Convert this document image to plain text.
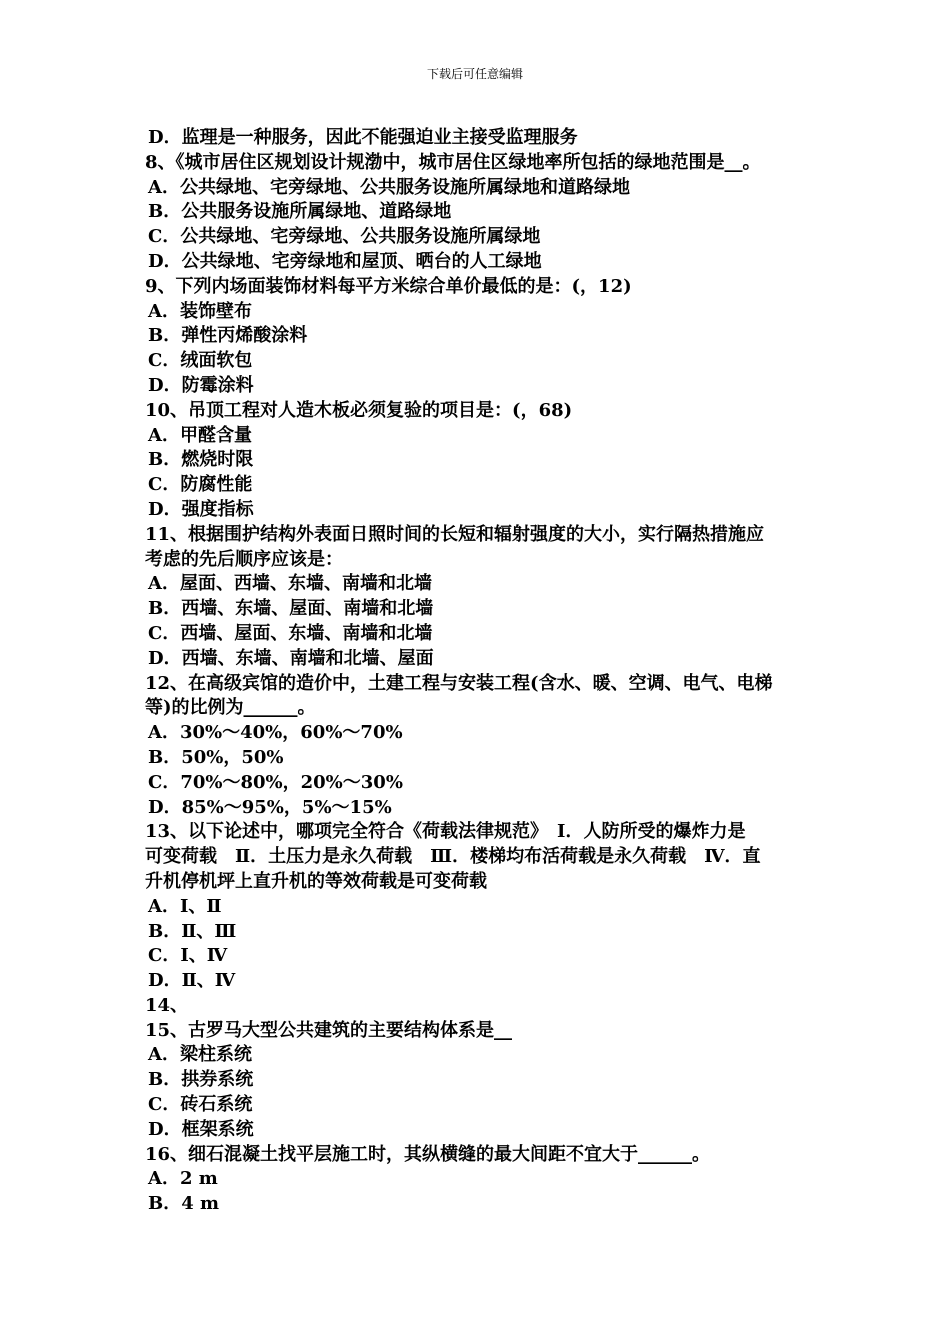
下载后可任意编辑
D．监理是一种服务，因此不能强迫业主接受监理服务
8、《城市居住区规划设计规渤中，城市居住区绿地率所包括的绿地范围是__。
A．公共绿地、宅旁绿地、公共服务设施所属绿地和道路绿地
B．公共服务设施所属绿地、道路绿地
C．公共绿地、宅旁绿地、公共服务设施所属绿地
D．公共绿地、宅旁绿地和屋顶、晒台的人工绿地
9、下列内场面装饰材料每平方米综合单价最低的是：(，12)
A．装饰壁布
B．弹性丙烯酸涂料
C．绒面软包
D．防霉涂料
10、吊顶工程对人造木板必须复验的项目是：(，68)
A．甲醛含量
B．燃烧时限
C．防腐性能
D．强度指标
11、根据围护结构外表面日照时间的长短和辐射强度的大小，实行隔热措施应
考虑的先后顺序应该是：
A．屋面、西墙、东墙、南墙和北墙
B．西墙、东墙、屋面、南墙和北墙
C．西墙、屋面、东墙、南墙和北墙
D．西墙、东墙、南墙和北墙、屋面
12、在高级宾馆的造价中，土建工程与安装工程(含水、暖、空调、电气、电梯
等)的比例为______。
A．30%～40%，60%～70%
B．50%，50%
C．70%～80%，20%～30%
D．85%～95%，5%～15%
13、以下论述中，哪项完全符合《荷载法律规范》　Ⅰ．人防所受的爆炸力是
可变荷载　Ⅱ．土压力是永久荷载　Ⅲ．楼梯均布活荷载是永久荷载　Ⅳ．直
升机停机坪上直升机的等效荷载是可变荷载
A．Ⅰ、Ⅱ
B．Ⅱ、Ⅲ
C．Ⅰ、Ⅳ
D．Ⅱ、Ⅳ
14、
15、古罗马大型公共建筑的主要结构体系是__
A．梁柱系统
B．拱券系统
C．砖石系统
D．框架系统
16、细石混凝土找平层施工时，其纵横缝的最大间距不宜大于______。
A．2 m
B．4 m
